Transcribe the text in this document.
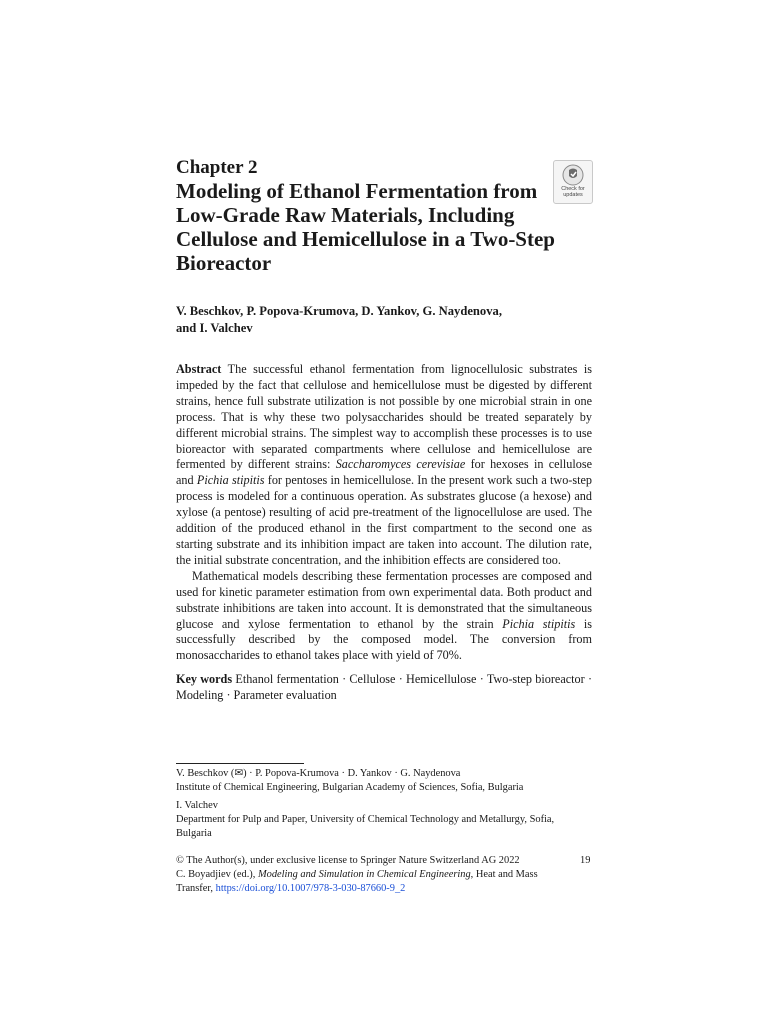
Chapter 2
Modeling of Ethanol Fermentation from Low-Grade Raw Materials, Including Cellulose and Hemicellulose in a Two-Step Bioreactor
Check for
updates
V. Beschkov, P. Popova-Krumova, D. Yankov, G. Naydenova,
and I. Valchev

Abstract The successful ethanol fermentation from lignocellulosic substrates is impeded by the fact that cellulose and hemicellulose must be digested by different strains, hence full substrate utilization is not possible by one microbial strain in one process. That is why these two polysaccharides should be treated separately by different microbial strains. The simplest way to accomplish these processes is to use bioreactor with separated compartments where cellulose and hemicellulose are fermented by different strains: Saccharomyces cerevisiae for hexoses in cellulose and Pichia stipitis for pentoses in hemicellulose. In the present work such a two-step process is modeled for a continuous operation. As substrates glucose (a hexose) and xylose (a pentose) resulting of acid pre-treatment of the lignocellulose are used. The addition of the produced ethanol in the first compartment to the second one as starting substrate and its inhibition impact are taken into account. The dilution rate, the initial substrate concentration, and the inhibition effects are considered too.

Mathematical models describing these fermentation processes are composed and used for kinetic parameter estimation from own experimental data. Both product and substrate inhibitions are taken into account. It is demonstrated that the simultaneous glucose and xylose fermentation to ethanol by the strain Pichia stipitis is successfully described by the composed model. The conversion from monosaccharides to ethanol takes place with yield of 70%.

Key words Ethanol fermentation · Cellulose · Hemicellulose · Two-step bioreactor · Modeling · Parameter evaluation
V. Beschkov (✉) · P. Popova-Krumova · D. Yankov · G. Naydenova
Institute of Chemical Engineering, Bulgarian Academy of Sciences, Sofia, Bulgaria
I. Valchev
Department for Pulp and Paper, University of Chemical Technology and Metallurgy, Sofia, Bulgaria
© The Author(s), under exclusive license to Springer Nature Switzerland AG 2022
C. Boyadjiev (ed.), Modeling and Simulation in Chemical Engineering, Heat and Mass Transfer, https://doi.org/10.1007/978-3-030-87660-9_2
19
